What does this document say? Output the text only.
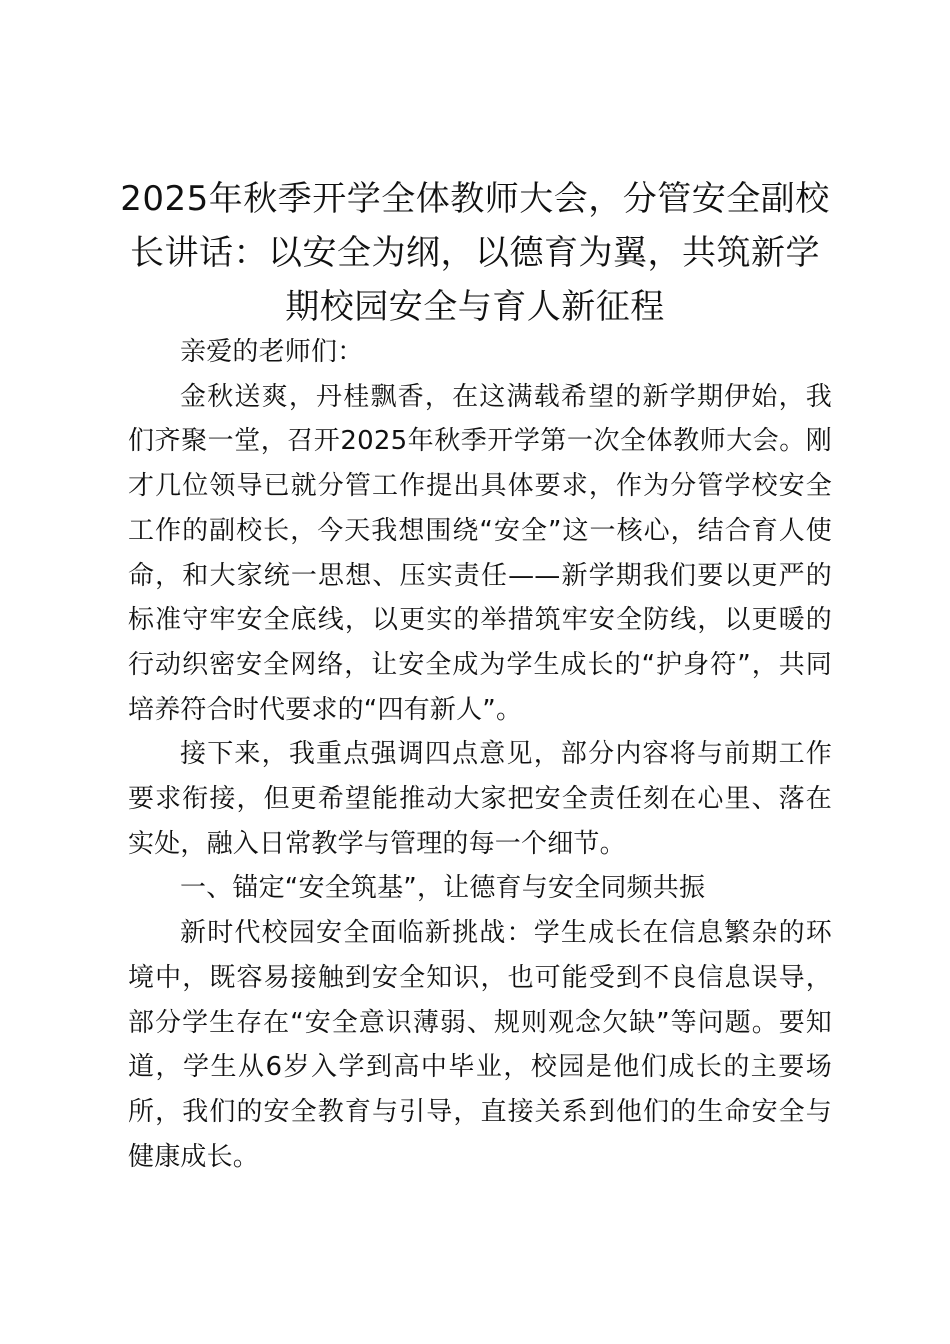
2025年秋季开学全体教师大会，分管安全副校长讲话：以安全为纲，以德育为翼，共筑新学期校园安全与育人新征程

亲爱的老师们：

金秋送爽，丹桂飘香，在这满载希望的新学期伊始，我们齐聚一堂，召开2025年秋季开学第一次全体教师大会。刚才几位领导已就分管工作提出具体要求，作为分管学校安全工作的副校长，今天我想围绕“安全”这一核心，结合育人使命，和大家统一思想、压实责任——新学期我们要以更严的标准守牢安全底线，以更实的举措筑牢安全防线，以更暖的行动织密安全网络，让安全成为学生成长的“护身符”，共同培养符合时代要求的“四有新人”。

接下来，我重点强调四点意见，部分内容将与前期工作要求衔接，但更希望能推动大家把安全责任刻在心里、落在实处，融入日常教学与管理的每一个细节。

一、锚定“安全筑基”，让德育与安全同频共振

新时代校园安全面临新挑战：学生成长在信息繁杂的环境中，既容易接触到安全知识，也可能受到不良信息误导，部分学生存在“安全意识薄弱、规则观念欠缺”等问题。要知道，学生从6岁入学到高中毕业，校园是他们成长的主要场所，我们的安全教育与引导，直接关系到他们的生命安全与健康成长。
